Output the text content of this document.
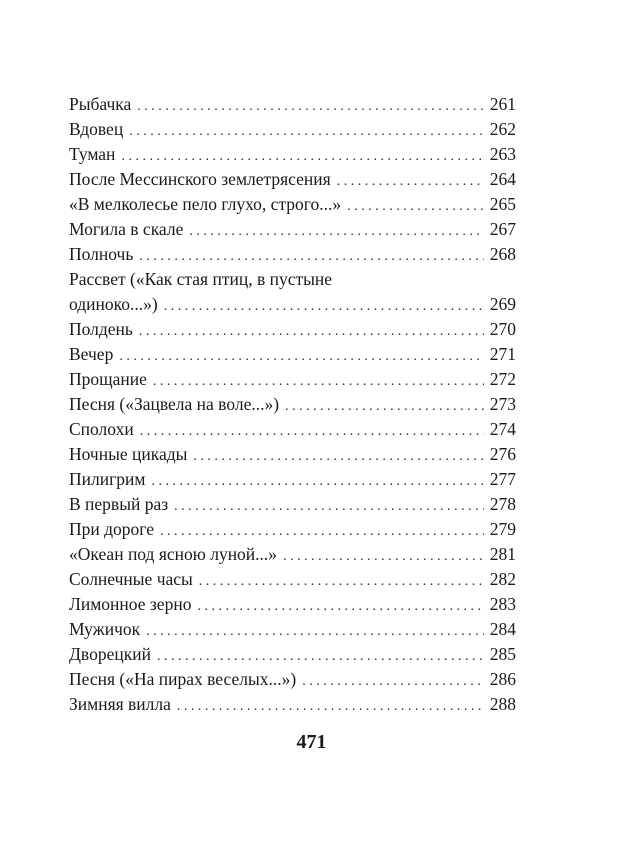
Рыбачка . . .	261
Вдовец . . .	262
Туман . . .	263
После Мессинского землетрясения . . .	264
«В мелколесье пело глухо, строго...» . . .	265
Могила в скале . . .	267
Полночь . . .	268
Рассвет («Как стая птиц, в пустыне
одиноко...») . . .	269
Полдень . . .	270
Вечер . . .	271
Прощание . . .	272
Песня («Зацвела на воле...») . . .	273
Сполохи . . .	274
Ночные цикады . . .	276
Пилигрим . . .	277
В первый раз . . .	278
При дороге . . .	279
«Океан под ясною луной...» . . .	281
Солнечные часы . . .	282
Лимонное зерно . . .	283
Мужичок . . .	284
Дворецкий . . .	285
Песня («На пирах веселых...») . . .	286
Зимняя вилла . . .	288
471
